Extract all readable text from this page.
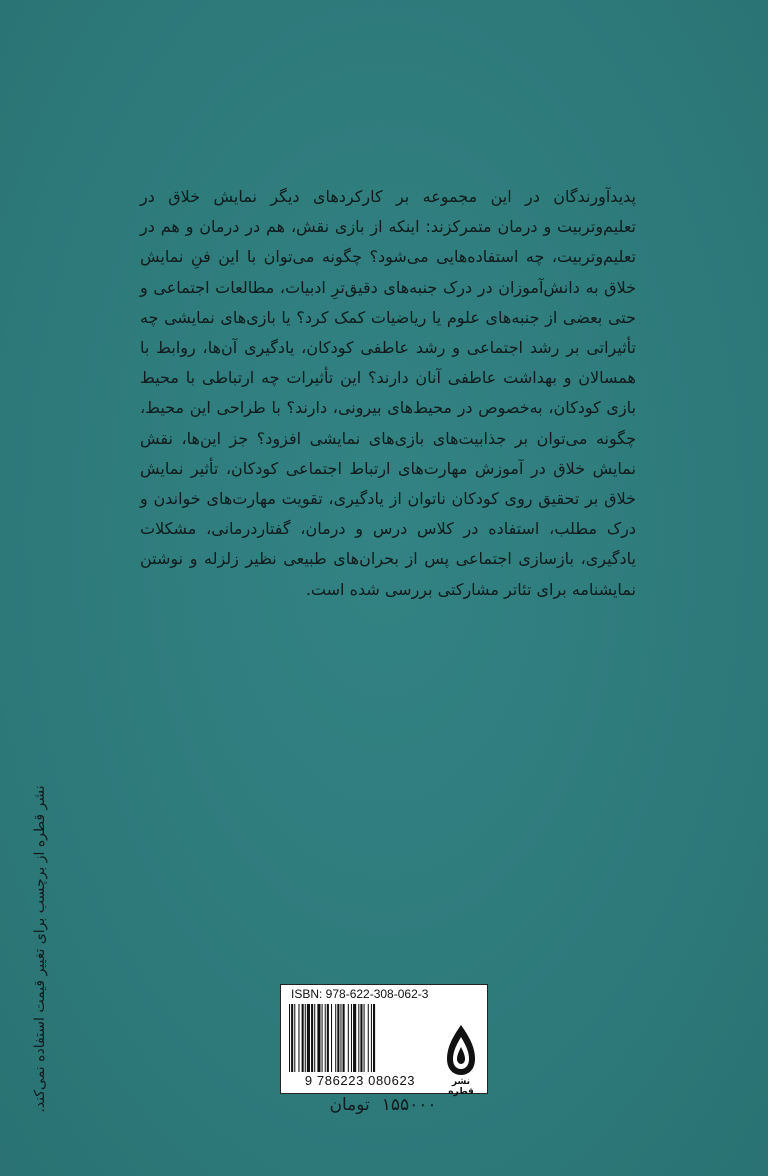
پدیدآورندگان در این مجموعه بر کارکردهای دیگر نمایش خلاق در تعلیم‌وتربیت و درمان متمرکزند: اینکه از بازی نقش، هم در درمان و هم در تعلیم‌وتربیت، چه استفاده‌هایی می‌شود؟ چگونه می‌توان با این فنِ نمایش خلاق به دانش‌آموزان در درک جنبه‌های دقیق‌ترِ ادبیات، مطالعات اجتماعی و حتی بعضی از جنبه‌های علوم یا ریاضیات کمک کرد؟ یا بازی‌های نمایشی چه تأثیراتی بر رشد اجتماعی و رشد عاطفی کودکان، یادگیری آن‌ها، روابط با همسالان و بهداشت عاطفی آنان دارند؟ این تأثیرات چه ارتباطی با محیط بازی کودکان، به‌خصوص در محیط‌های بیرونی، دارند؟ با طراحی این محیط، چگونه می‌توان بر جذابیت‌های بازی‌های نمایشی افزود؟ جز این‌ها، نقش نمایش خلاق در آموزش مهارت‌های ارتباط اجتماعی کودکان، تأثیر نمایش خلاق بر تحقیق روی کودکان ناتوان از یادگیری، تقویت مهارت‌های خواندن و درک مطلب، استفاده در کلاس درس و درمان، گفتاردرمانی، مشکلات یادگیری، بازسازی اجتماعی پس از بحران‌های طبیعی نظیر زلزله و نوشتن نمایشنامه برای تئاتر مشارکتی بررسی شده است.

نشر قطره از برچسب برای تغییر قیمت استفاده نمی‌کند.	ISBN: 978-622-308-062-3
9 786223 080623	نشر قطره
۱۵۵۰۰۰تومان
